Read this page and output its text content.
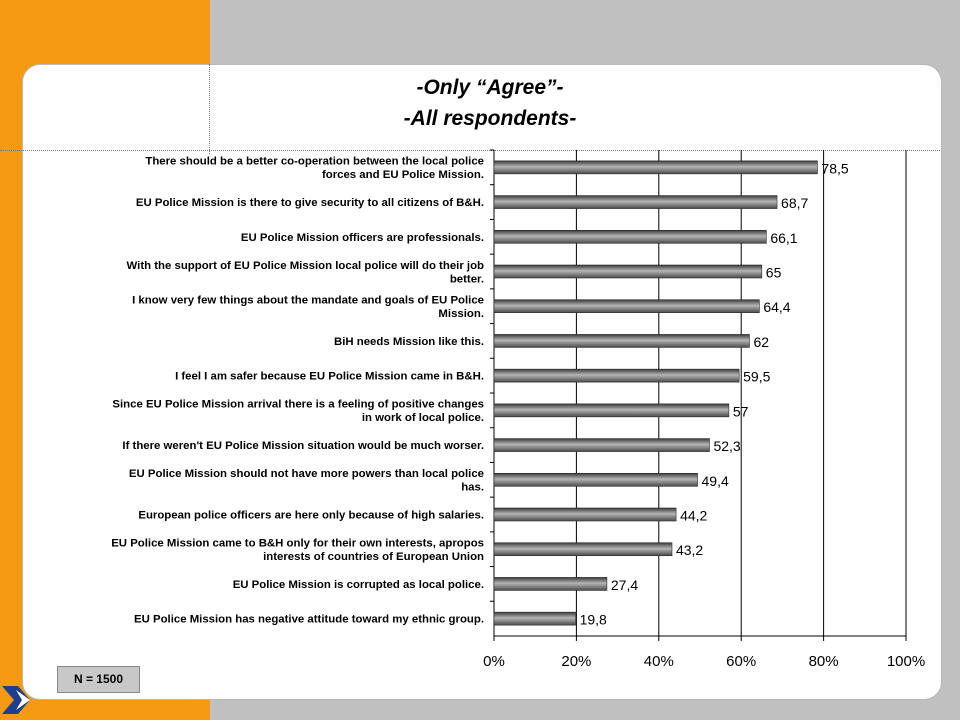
-Only “Agree”-
-All respondents-
0%	20%	40%	60%	80%	100%
78,5
There should be a better co-operation between the local police
forces and EU Police Mission.
68,7
EU Police Mission is there to give security to all citizens of B&H.
66,1
EU Police Mission officers are professionals.
65
With the support of EU Police Mission local police will do their job
better.
64,4
I know very few things about the mandate and goals of EU Police
Mission.
62
BiH needs Mission like this.
59,5
I feel I am safer because EU Police Mission came in B&H.
57
Since EU Police Mission arrival there is a feeling of positive changes
in work of local police.
52,3
If there weren't EU Police Mission situation would be much worser.
49,4
EU Police Mission should not have more powers than local police
has.
44,2
European police officers are here only because of high salaries.
43,2
EU Police Mission came to B&H only for their own interests, apropos
interests of countries of European Union
27,4
EU Police Mission is corrupted as local police.
19,8
EU Police Mission has negative attitude toward my ethnic group.
N = 1500
